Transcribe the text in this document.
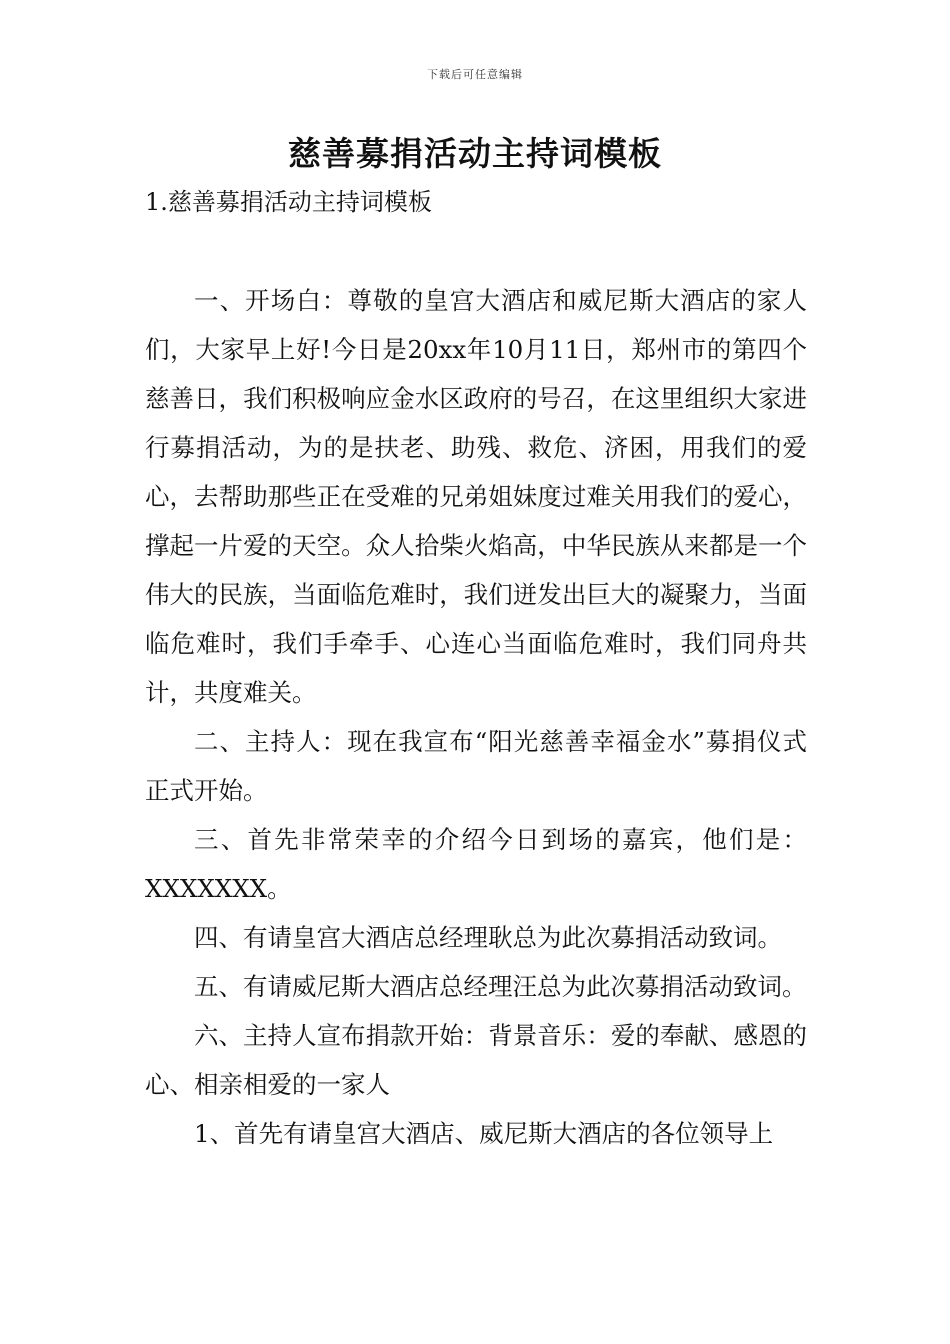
下载后可任意编辑
慈善募捐活动主持词模板

1.慈善募捐活动主持词模板

一、开场白：尊敬的皇宫大酒店和威尼斯大酒店的家人们，大家早上好!今日是20xx年10月11日，郑州市的第四个慈善日，我们积极响应金水区政府的号召，在这里组织大家进行募捐活动，为的是扶老、助残、救危、济困，用我们的爱心，去帮助那些正在受难的兄弟姐妹度过难关用我们的爱心，撑起一片爱的天空。众人拾柴火焰高，中华民族从来都是一个伟大的民族，当面临危难时，我们迸发出巨大的凝聚力，当面临危难时，我们手牵手、心连心当面临危难时，我们同舟共计，共度难关。

二、主持人：现在我宣布“阳光慈善幸福金水”募捐仪式正式开始。

三、首先非常荣幸的介绍今日到场的嘉宾，他们是：XXXXXXX。

四、有请皇宫大酒店总经理耿总为此次募捐活动致词。

五、有请威尼斯大酒店总经理汪总为此次募捐活动致词。

六、主持人宣布捐款开始：背景音乐：爱的奉献、感恩的心、相亲相爱的一家人

1、首先有请皇宫大酒店、威尼斯大酒店的各位领导上
